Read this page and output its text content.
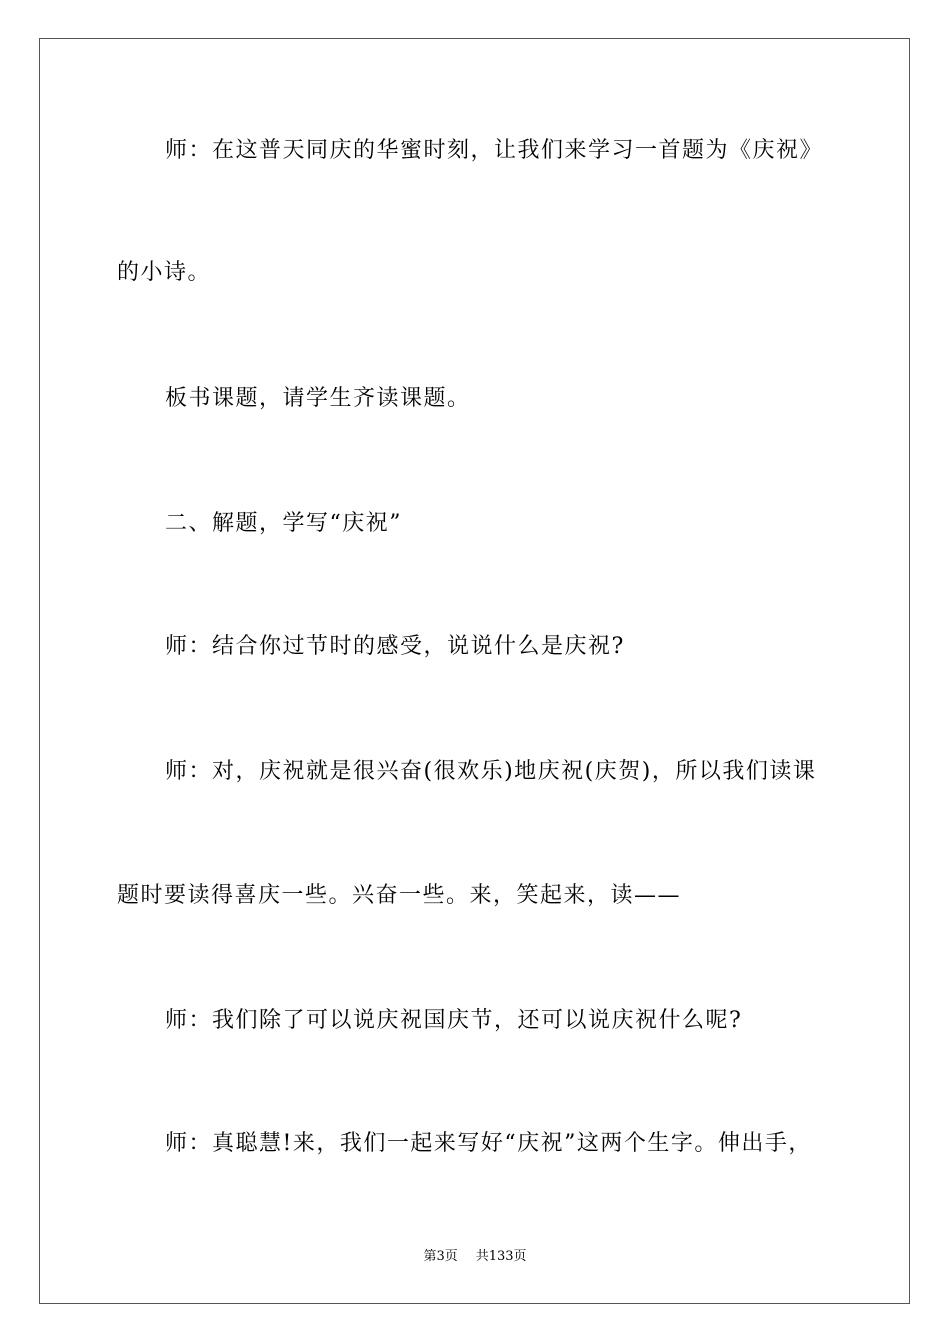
师：在这普天同庆的华蜜时刻，让我们来学习一首题为《庆祝》
的小诗。
板书课题，请学生齐读课题。
二、解题，学写“庆祝”
师：结合你过节时的感受，说说什么是庆祝?
师：对，庆祝就是很兴奋(很欢乐)地庆祝(庆贺)，所以我们读课
题时要读得喜庆一些。兴奋一些。来，笑起来，读——
师：我们除了可以说庆祝国庆节，还可以说庆祝什么呢?
师：真聪慧!来，我们一起来写好“庆祝”这两个生字。伸出手，
第3页 共133页
